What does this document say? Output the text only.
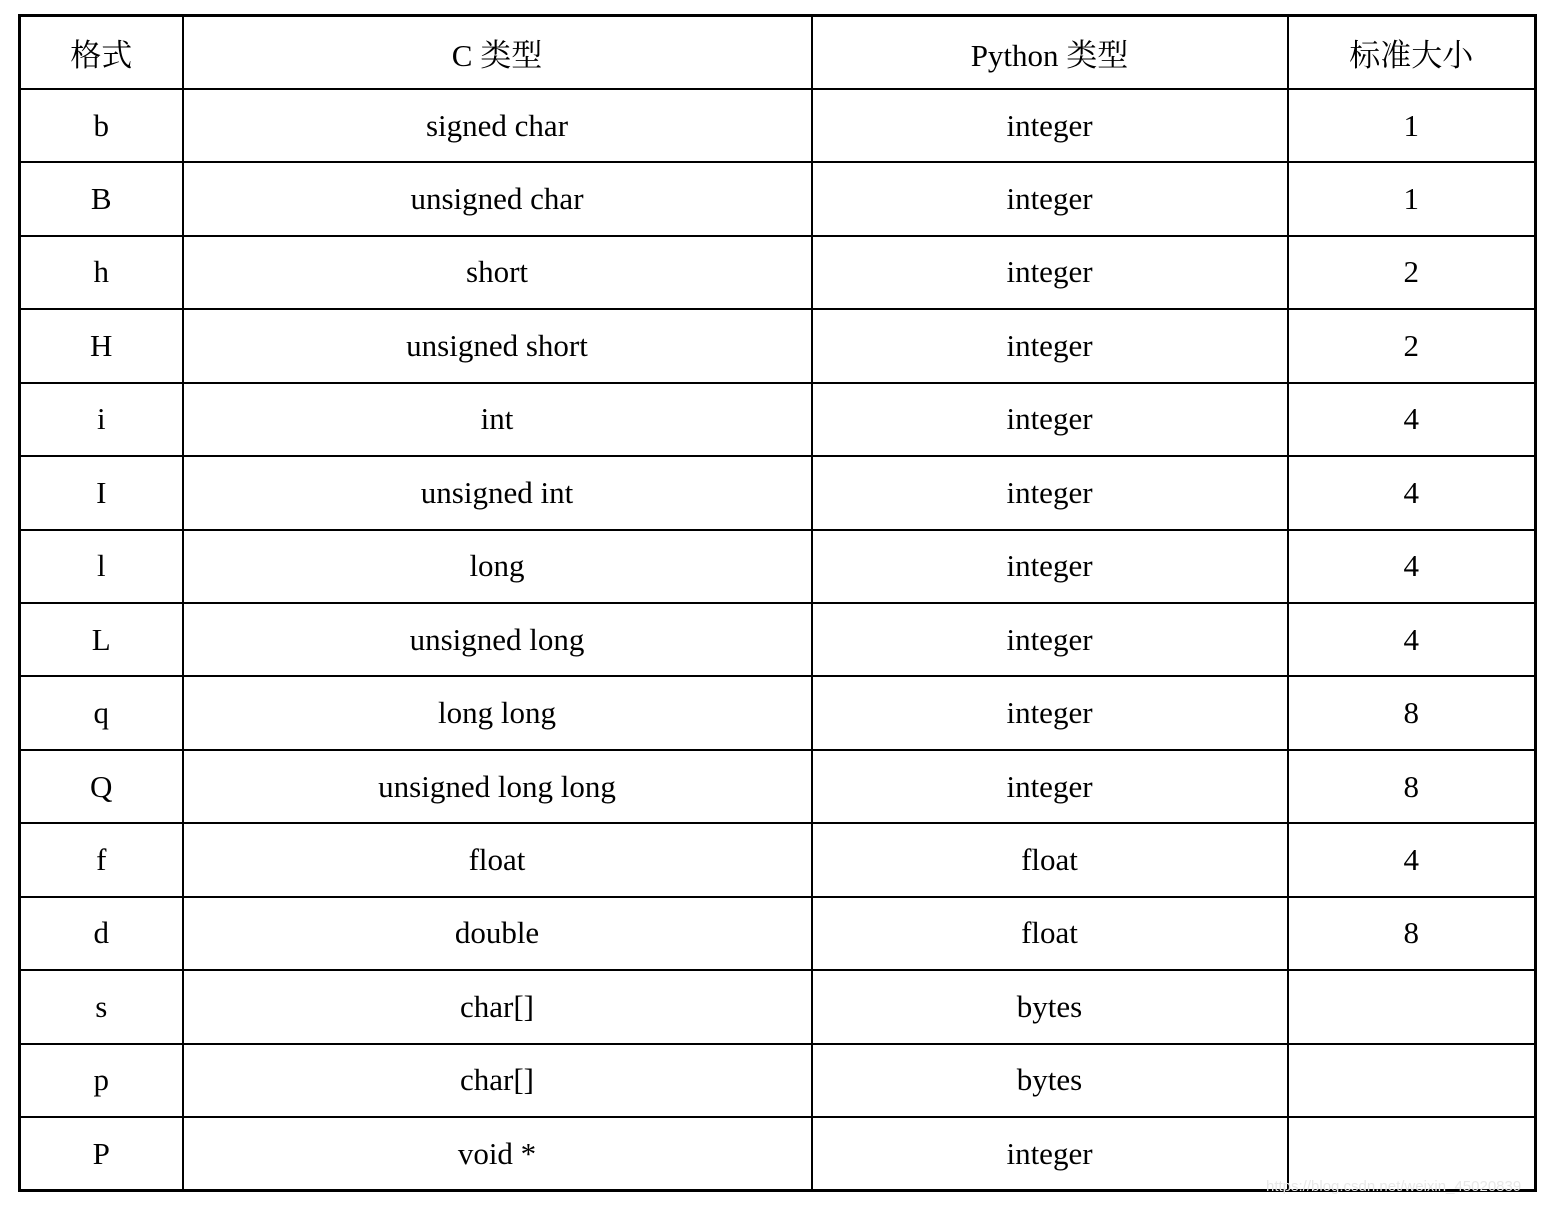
格式	C 类型	Python 类型	标准大小
b	signed char	integer	1
B	unsigned char	integer	1
h	short	integer	2
H	unsigned short	integer	2
i	int	integer	4
I	unsigned int	integer	4
l	long	integer	4
L	unsigned long	integer	4
q	long long	integer	8
Q	unsigned long long	integer	8
f	float	float	4
d	double	float	8
s	char[]	bytes	
p	char[]	bytes	
P	void *	integer	
https://blog.csdn.net/weixin_45020839
